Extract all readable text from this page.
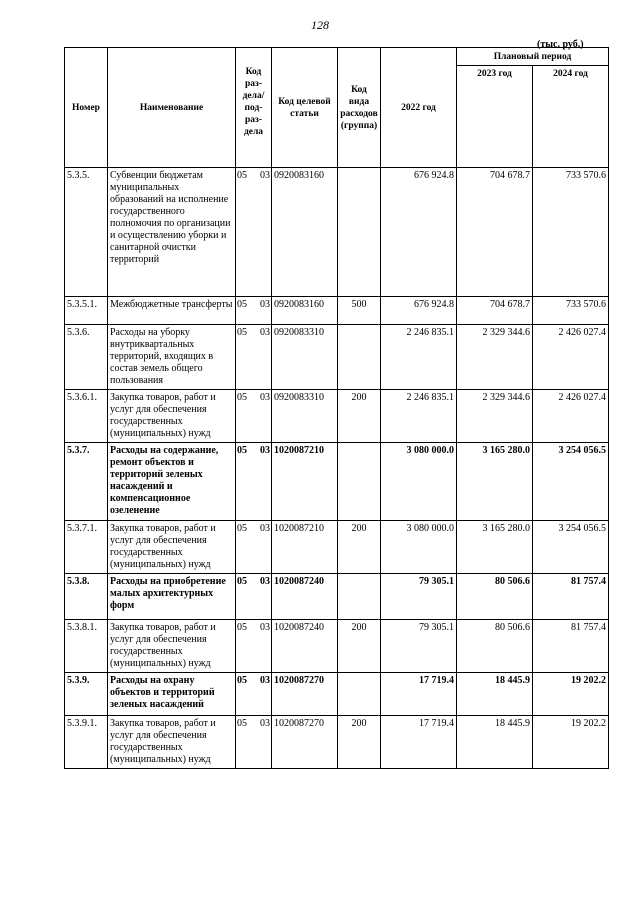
128
(тыс. руб.)
Номер	Наименование	Код раз-дела/ под-раз-дела	Код целевой статьи	Код вида расходов (группа)	2022 год	Плановый период	
						2023 год	2024 год
5.3.5.	Субвенции бюджетам муниципальных образований на исполнение государственного полномочия по организации и осуществлению уборки и санитарной очистки территорий	05 03	0920083160		676 924.8	704 678.7	733 570.6
5.3.5.1.	Межбюджетные трансферты	05 03	0920083160	500	676 924.8	704 678.7	733 570.6
5.3.6.	Расходы на уборку внутриквартальных территорий, входящих в состав земель общего пользования	05 03	0920083310		2 246 835.1	2 329 344.6	2 426 027.4
5.3.6.1.	Закупка товаров, работ и услуг для обеспечения государственных (муниципальных) нужд	05 03	0920083310	200	2 246 835.1	2 329 344.6	2 426 027.4
5.3.7.	Расходы на содержание, ремонт объектов и территорий зеленых насаждений и компенсационное озеленение	05 03	1020087210		3 080 000.0	3 165 280.0	3 254 056.5
5.3.7.1.	Закупка товаров, работ и услуг для обеспечения государственных (муниципальных) нужд	05 03	1020087210	200	3 080 000.0	3 165 280.0	3 254 056.5
5.3.8.	Расходы на приобретение малых архитектурных форм	05 03	1020087240		79 305.1	80 506.6	81 757.4
5.3.8.1.	Закупка товаров, работ и услуг для обеспечения государственных (муниципальных) нужд	05 03	1020087240	200	79 305.1	80 506.6	81 757.4
5.3.9.	Расходы на охрану объектов и территорий зеленых насаждений	05 03	1020087270		17 719.4	18 445.9	19 202.2
5.3.9.1.	Закупка товаров, работ и услуг для обеспечения государственных (муниципальных) нужд	05 03	1020087270	200	17 719.4	18 445.9	19 202.2
